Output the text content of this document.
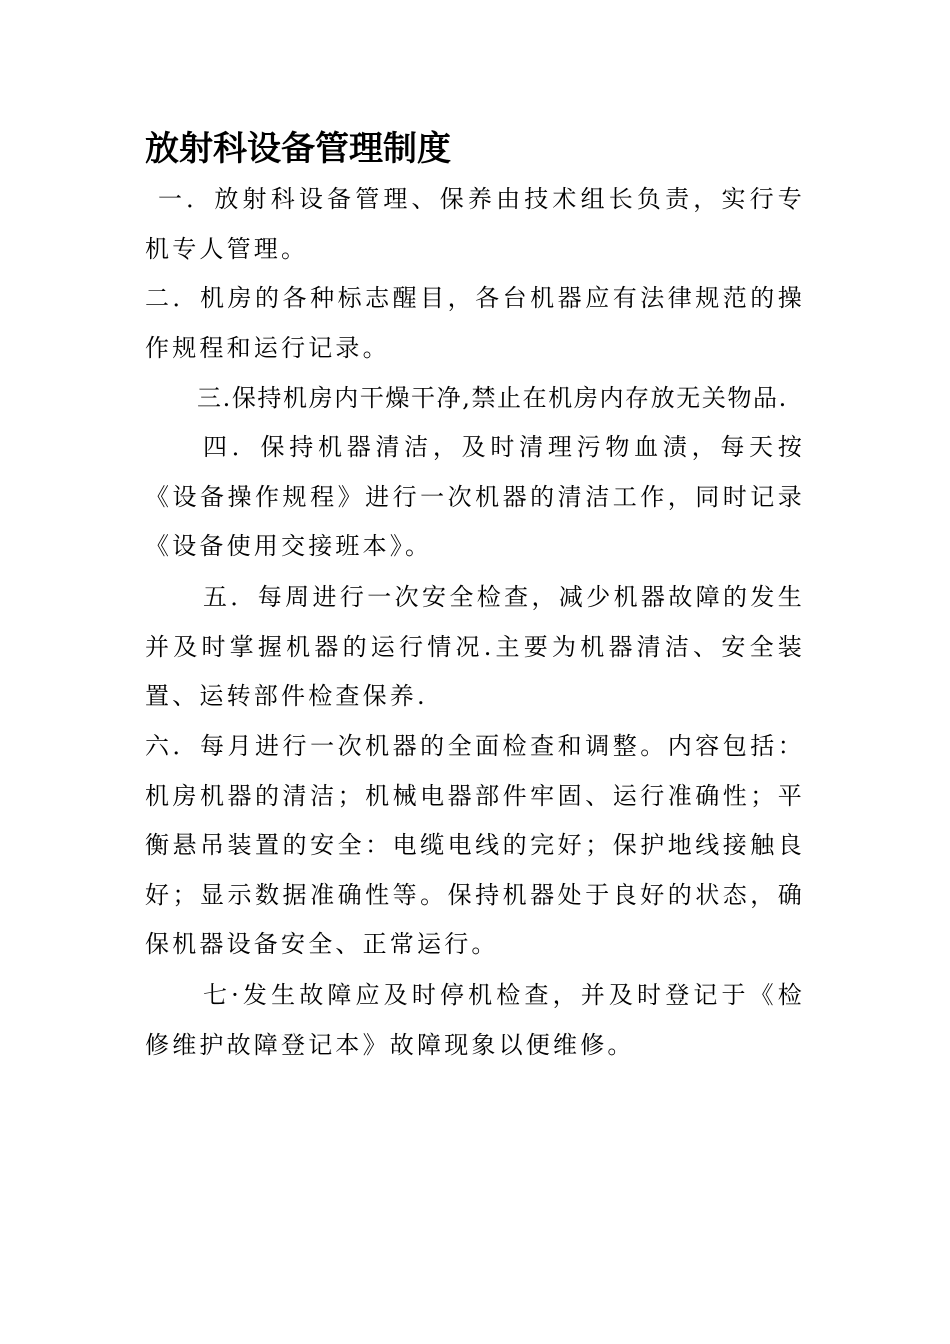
放射科设备管理制度

一．放射科设备管理、保养由技术组长负责，实行专机专人管理。

二．机房的各种标志醒目，各台机器应有法律规范的操作规程和运行记录。

三.保持机房内干燥干净,禁止在机房内存放无关物品.

四．保持机器清洁，及时清理污物血渍，每天按《设备操作规程》进行一次机器的清洁工作，同时记录《设备使用交接班本》。

五．每周进行一次安全检查，减少机器故障的发生并及时掌握机器的运行情况.主要为机器清洁、安全装置、运转部件检查保养.

六．每月进行一次机器的全面检查和调整。内容包括：机房机器的清洁；机械电器部件牢固、运行准确性；平衡悬吊装置的安全：电缆电线的完好；保护地线接触良好；显示数据准确性等。保持机器处于良好的状态，确保机器设备安全、正常运行。

七·发生故障应及时停机检查，并及时登记于《检修维护故障登记本》故障现象以便维修。
